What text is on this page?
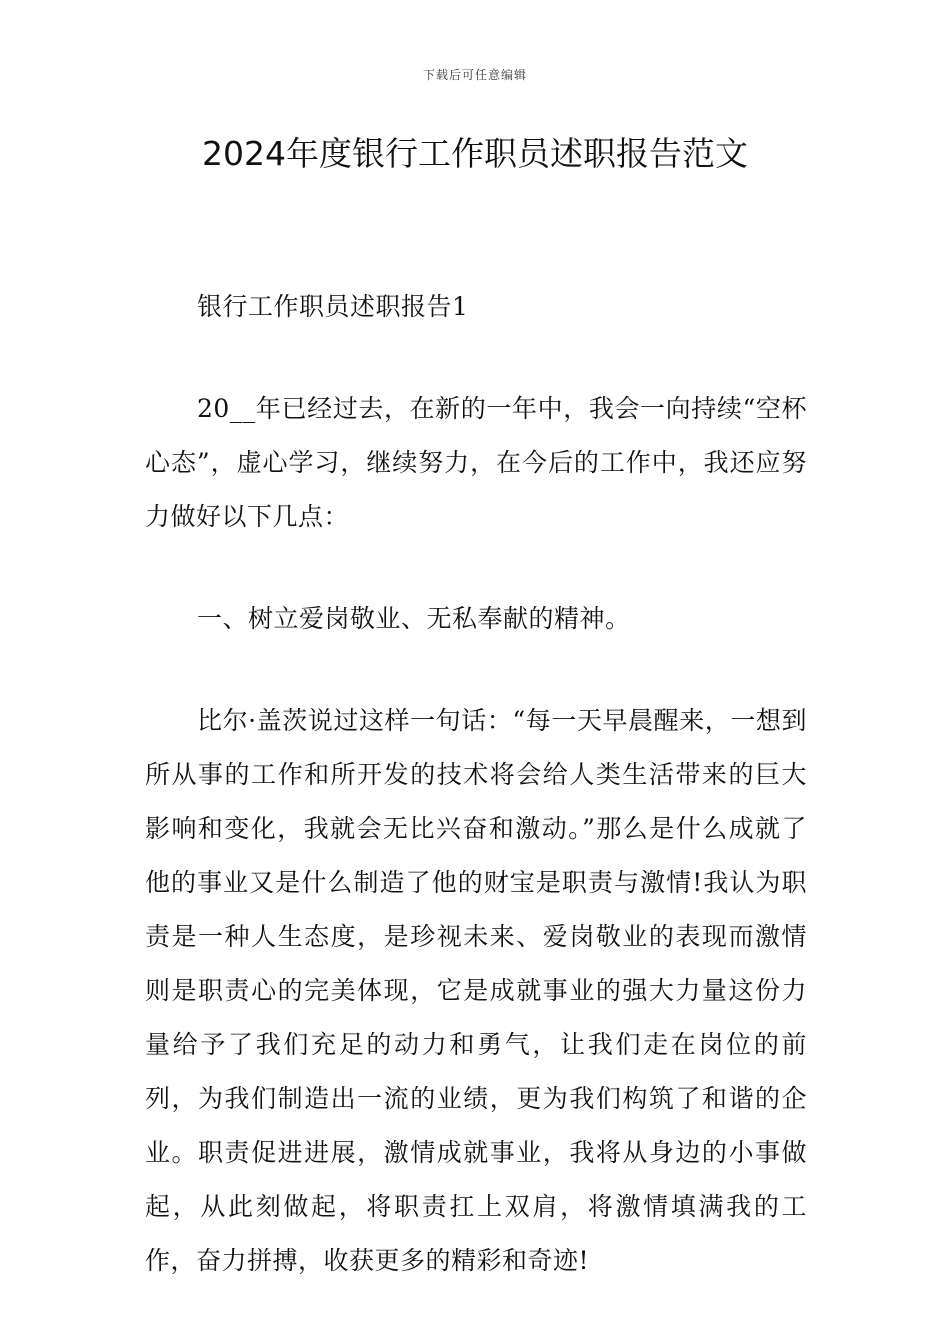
下载后可任意编辑
2024年度银行工作职员述职报告范文

银行工作职员述职报告1

20__年已经过去，在新的一年中，我会一向持续“空杯心态”，虚心学习，继续努力，在今后的工作中，我还应努力做好以下几点：

一、树立爱岗敬业、无私奉献的精神。

比尔·盖茨说过这样一句话：“每一天早晨醒来，一想到所从事的工作和所开发的技术将会给人类生活带来的巨大影响和变化，我就会无比兴奋和激动。”那么是什么成就了他的事业又是什么制造了他的财宝是职责与激情!我认为职责是一种人生态度，是珍视未来、爱岗敬业的表现而激情则是职责心的完美体现，它是成就事业的强大力量这份力量给予了我们充足的动力和勇气，让我们走在岗位的前列，为我们制造出一流的业绩，更为我们构筑了和谐的企业。职责促进进展，激情成就事业，我将从身边的小事做起，从此刻做起，将职责扛上双肩，将激情填满我的工作，奋力拼搏，收获更多的精彩和奇迹!
